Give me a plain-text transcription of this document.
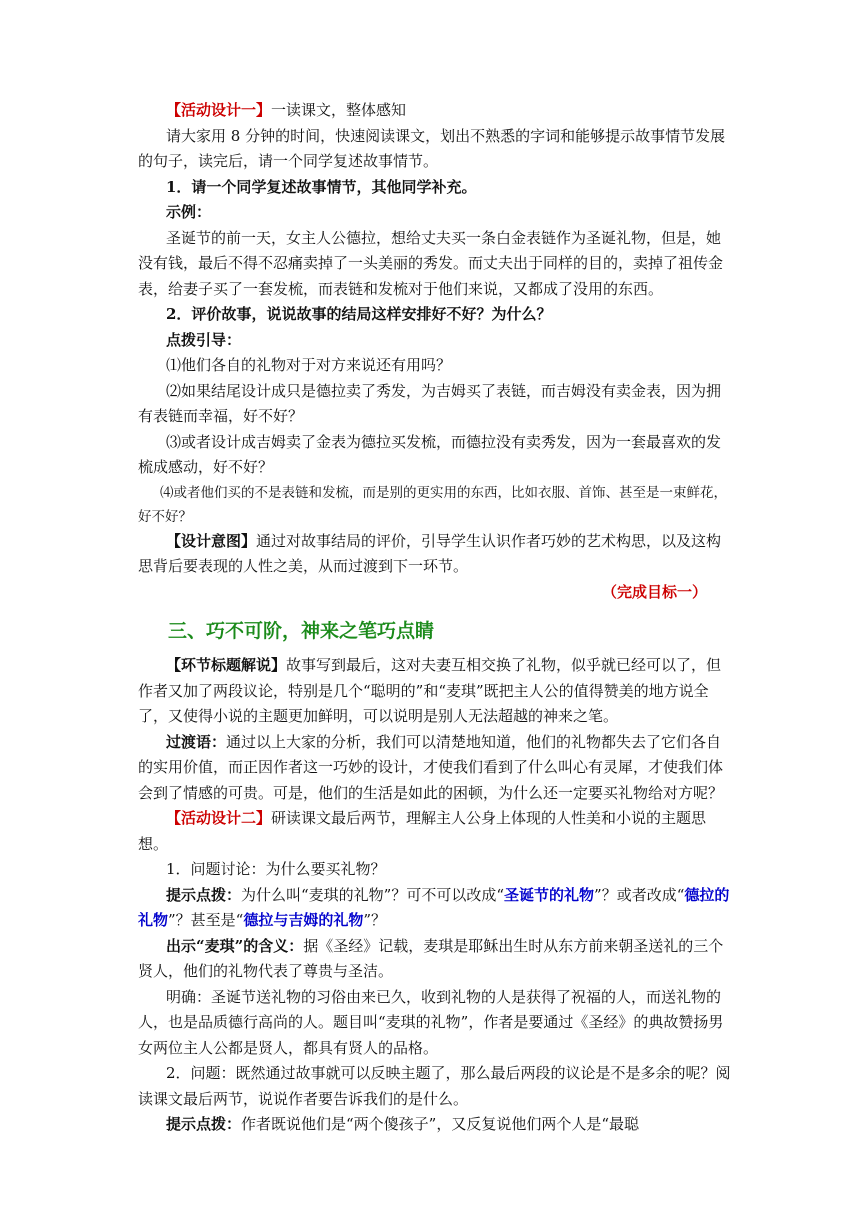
【活动设计一】一读课文，整体感知

请大家用 8 分钟的时间，快速阅读课文，划出不熟悉的字词和能够提示故事情节发展的句子，读完后，请一个同学复述故事情节。

1．请一个同学复述故事情节，其他同学补充。

示例：

圣诞节的前一天，女主人公德拉，想给丈夫买一条白金表链作为圣诞礼物，但是，她没有钱，最后不得不忍痛卖掉了一头美丽的秀发。而丈夫出于同样的目的，卖掉了祖传金表，给妻子买了一套发梳，而表链和发梳对于他们来说，又都成了没用的东西。

2．评价故事，说说故事的结局这样安排好不好？为什么？

点拨引导：

⑴他们各自的礼物对于对方来说还有用吗？

⑵如果结尾设计成只是德拉卖了秀发，为吉姆买了表链，而吉姆没有卖金表，因为拥有表链而幸福，好不好？

⑶或者设计成吉姆卖了金表为德拉买发梳，而德拉没有卖秀发，因为一套最喜欢的发梳成感动，好不好？

⑷或者他们买的不是表链和发梳，而是别的更实用的东西，比如衣服、首饰、甚至是一束鲜花，好不好？

【设计意图】通过对故事结局的评价，引导学生认识作者巧妙的艺术构思，以及这构思背后要表现的人性之美，从而过渡到下一环节。

（完成目标一）

三、巧不可阶，神来之笔巧点睛

【环节标题解说】故事写到最后，这对夫妻互相交换了礼物，似乎就已经可以了，但作者又加了两段议论，特别是几个“聪明的”和“麦琪”既把主人公的值得赞美的地方说全了，又使得小说的主题更加鲜明，可以说明是别人无法超越的神来之笔。

过渡语：通过以上大家的分析，我们可以清楚地知道，他们的礼物都失去了它们各自的实用价值，而正因作者这一巧妙的设计，才使我们看到了什么叫心有灵犀，才使我们体会到了情感的可贵。可是，他们的生活是如此的困顿，为什么还一定要买礼物给对方呢？

【活动设计二】研读课文最后两节，理解主人公身上体现的人性美和小说的主题思想。

1．问题讨论：为什么要买礼物？

提示点拨：为什么叫“麦琪的礼物”？可不可以改成“圣诞节的礼物”？或者改成“德拉的礼物”？甚至是“德拉与吉姆的礼物”？

出示“麦琪”的含义：据《圣经》记载，麦琪是耶稣出生时从东方前来朝圣送礼的三个贤人，他们的礼物代表了尊贵与圣洁。

明确：圣诞节送礼物的习俗由来已久，收到礼物的人是获得了祝福的人，而送礼物的人，也是品质德行高尚的人。题目叫“麦琪的礼物”，作者是要通过《圣经》的典故赞扬男女两位主人公都是贤人，都具有贤人的品格。

2．问题：既然通过故事就可以反映主题了，那么最后两段的议论是不是多余的呢？阅读课文最后两节，说说作者要告诉我们的是什么。

提示点拨：作者既说他们是“两个傻孩子”，又反复说他们两个人是“最聪
